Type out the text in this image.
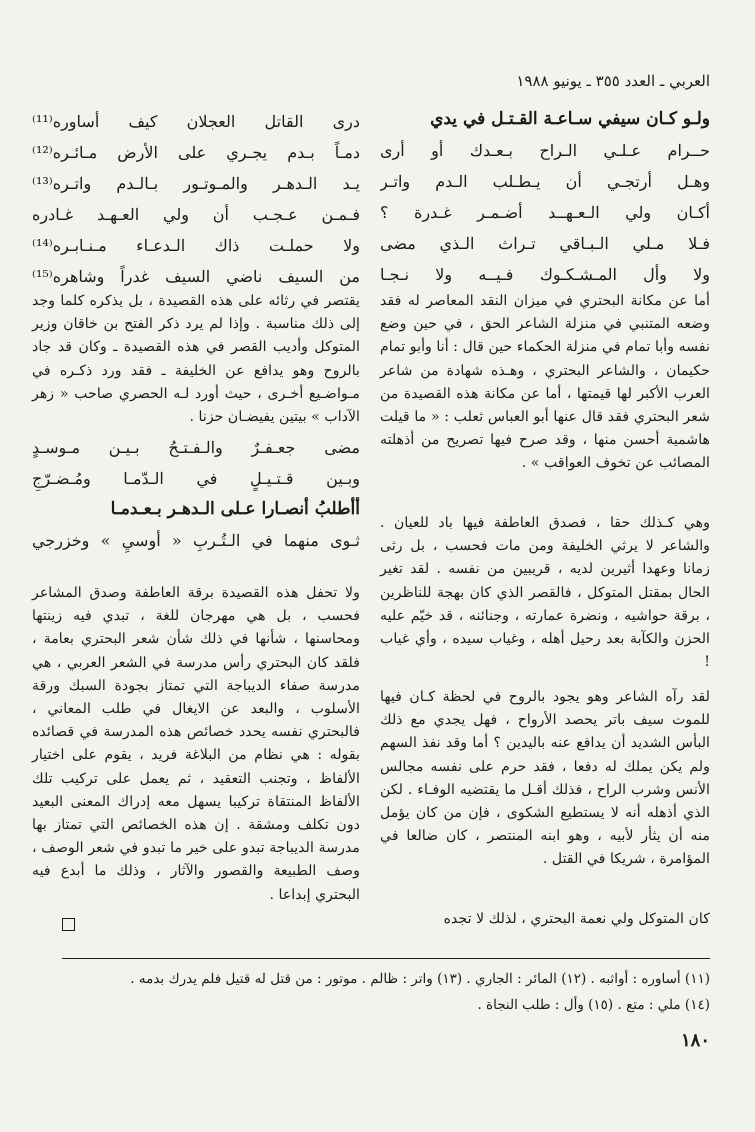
العربي ـ العدد ٣٥٥ ـ يونيو ١٩٨٨
ولـو كـان سيفي سـاعـة القـتـل في يدي
حــرام عـلـي الـراح بـعـدك أو أرى
وهـل أرتجـي أن يـطـلب الـدم واتـر
أكـان ولي الـعـهــد أضـمـر غـدرة ؟
فـلا مـلي الـبـاقي تـراث الـذي مضى
ولا وأل المـشـكـوك فـيــه ولا نـجـا

أما عن مكانة البحتري في ميزان النقد المعاصر له فقد وضعه المتنبي في منزلة الشاعر الحق ، في حين وضع نفسه وأبا تمام في منزلة الحكماء حين قال : أنا وأبو تمام حكيمان ، والشاعر البحتري ، وهـذه شهادة من شاعر العرب الأكبر لها قيمتها ، أما عن مكانة هذه القصيدة من شعر البحتري فقد قال عنها أبو العباس ثعلب : « ما قيلت هاشمية أحسن منها ، وقد صرح فيها تصريح من أذهلته المصائب عن تخوف العواقب » .

وهي كـذلك حقا ، فصدق العاطفة فيها باد للعيان . والشاعر لا يرثي الخليفة ومن مات فحسب ، بل رثى زمانا وعهدا أثيرين لديه ، قريبين من نفسه . لقد تغير الحال بمقتل المتوكل ، فالقصر الذي كان بهجة للناظرين ، برقة حواشيه ، ونضرة عمارته ، وجنائنه ، قد خيّم عليه الحزن والكآبة بعد رحيل أهله ، وغياب سيده ، وأي غياب !

لقد رآه الشاعر وهو يجود بالروح في لحظة كـان فيها للموت سيف باتر يحصد الأرواح ، فهل يجدي مع ذلك البأس الشديد أن يدافع عنه باليدين ؟ أما وقد نفذ السهم ولم يكن يملك له دفعا ، فقد حرم على نفسه مجالس الأنس وشرب الراح ، فذلك أقـل ما يقتضيه الوفـاء . لكن الذي أذهله أنه لا يستطيع الشكوى ، فإن من كان يؤمل منه أن يثأر لأبيه ، وهو ابنه المنتصر ، كان ضالعا في المؤامرة ، شريكا في القتل .

كان المتوكل ولي نعمة البحتري ، لذلك لا تجده

درى القاتل العجلان كيف أساوره⁽¹¹⁾
دمـاً بـدم يجـري على الأرض مـائـره⁽¹²⁾
يـد الـدهـر والمـوتـور بـالـدم واتـره⁽¹³⁾
فـمـن عـجـب أن ولي العـهـد غـادره
ولا حملـت ذاك الـدعـاء مـنـابـره⁽¹⁴⁾
من السيف ناضي السيف غدراً وشاهره⁽¹⁵⁾

يقتصر في رثائه على هذه القصيدة ، بل يذكره كلما وجد إلى ذلك مناسبة . وإذا لم يرد ذكر الفتح بن خاقان وزير المتوكل وأديب القصر في هذه القصيدة ـ وكان قد جاد بالروح وهو يدافع عن الخليفة ـ فقد ورد ذكـره في مـواضـيع أخـرى ، حيث أورد لـه الحصري صاحب « زهر الآداب » بيتين يفيضـان حزنا .

مضى جعـفـرٌ والـفـتـحُ بـيـن مـوسـدٍ
وبـين قـتـيـلٍ في الـدّمـا ومُـضـرّجِ
أأطلبُ أنصـارا عـلى الـدهـر بـعـدمـا
ثـوى منهما في الـتُـربِ « أوسيِ » وخزرجي

ولا تحفل هذه القصيدة برقة العاطفة وصدق المشاعر فحسب ، بل هي مهرجان للغة ، تبدي فيه زينتها ومحاسنها ، شأنها في ذلك شأن شعر البحتري بعامة ، فلقد كان البحتري رأس مدرسة في الشعر العربي ، هي مدرسة صفاء الديباجة التي تمتاز بجودة السبك ورقة الأسلوب ، والبعد عن الايغال في طلب المعاني ، فالبحتري نفسه يحدد خصائص هذه المدرسة في قصائده بقوله : هي نظام من البلاغة فريد ، يقوم على اختيار الألفاظ ، وتجنب التعقيد ، ثم يعمل على تركيب تلك الألفاظ المنتقاة تركيبا يسهل معه إدراك المعنى البعيد دون تكلف ومشقة . إن هذه الخصائص التي تمتاز بها مدرسة الديباجة تبدو على خير ما تبدو في شعر الوصف ، وصف الطبيعة والقصور والآثار ، وذلك ما أبدع فيه البحتري إبداعا .

(١١) أساوره : أواثبه . (١٢) المائر : الجاري . (١٣) واتر : ظالم . موتور : من قتل له قتيل فلم يدرك بدمه .
(١٤) ملي : متع . (١٥) وأل : طلب النجاة .
١٨٠
